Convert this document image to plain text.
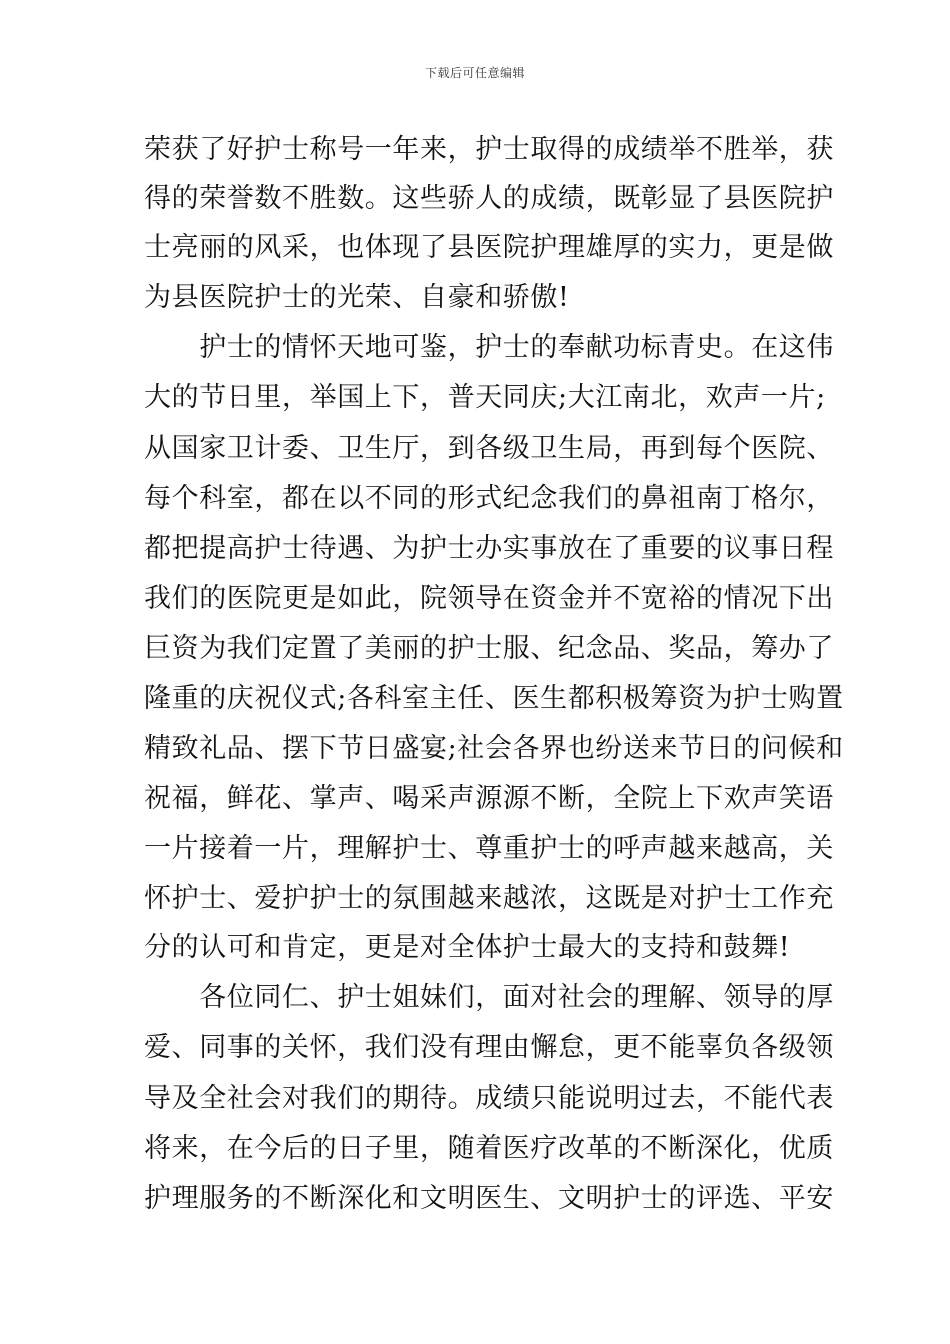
下载后可任意编辑
荣获了好护士称号一年来，护士取得的成绩举不胜举，获
得的荣誉数不胜数。这些骄人的成绩，既彰显了县医院护
士亮丽的风采，也体现了县医院护理雄厚的实力，更是做
为县医院护士的光荣、自豪和骄傲!
　　护士的情怀天地可鉴，护士的奉献功标青史。在这伟
大的节日里，举国上下，普天同庆;大江南北，欢声一片;
从国家卫计委、卫生厅，到各级卫生局，再到每个医院、
每个科室，都在以不同的形式纪念我们的鼻祖南丁格尔，
都把提高护士待遇、为护士办实事放在了重要的议事日程
我们的医院更是如此，院领导在资金并不宽裕的情况下出
巨资为我们定置了美丽的护士服、纪念品、奖品，筹办了
隆重的庆祝仪式;各科室主任、医生都积极筹资为护士购置
精致礼品、摆下节日盛宴;社会各界也纷送来节日的问候和
祝福，鲜花、掌声、喝采声源源不断，全院上下欢声笑语
一片接着一片，理解护士、尊重护士的呼声越来越高，关
怀护士、爱护护士的氛围越来越浓，这既是对护士工作充
分的认可和肯定，更是对全体护士最大的支持和鼓舞!
　　各位同仁、护士姐妹们，面对社会的理解、领导的厚
爱、同事的关怀，我们没有理由懈怠，更不能辜负各级领
导及全社会对我们的期待。成绩只能说明过去，不能代表
将来，在今后的日子里，随着医疗改革的不断深化，优质
护理服务的不断深化和文明医生、文明护士的评选、平安
